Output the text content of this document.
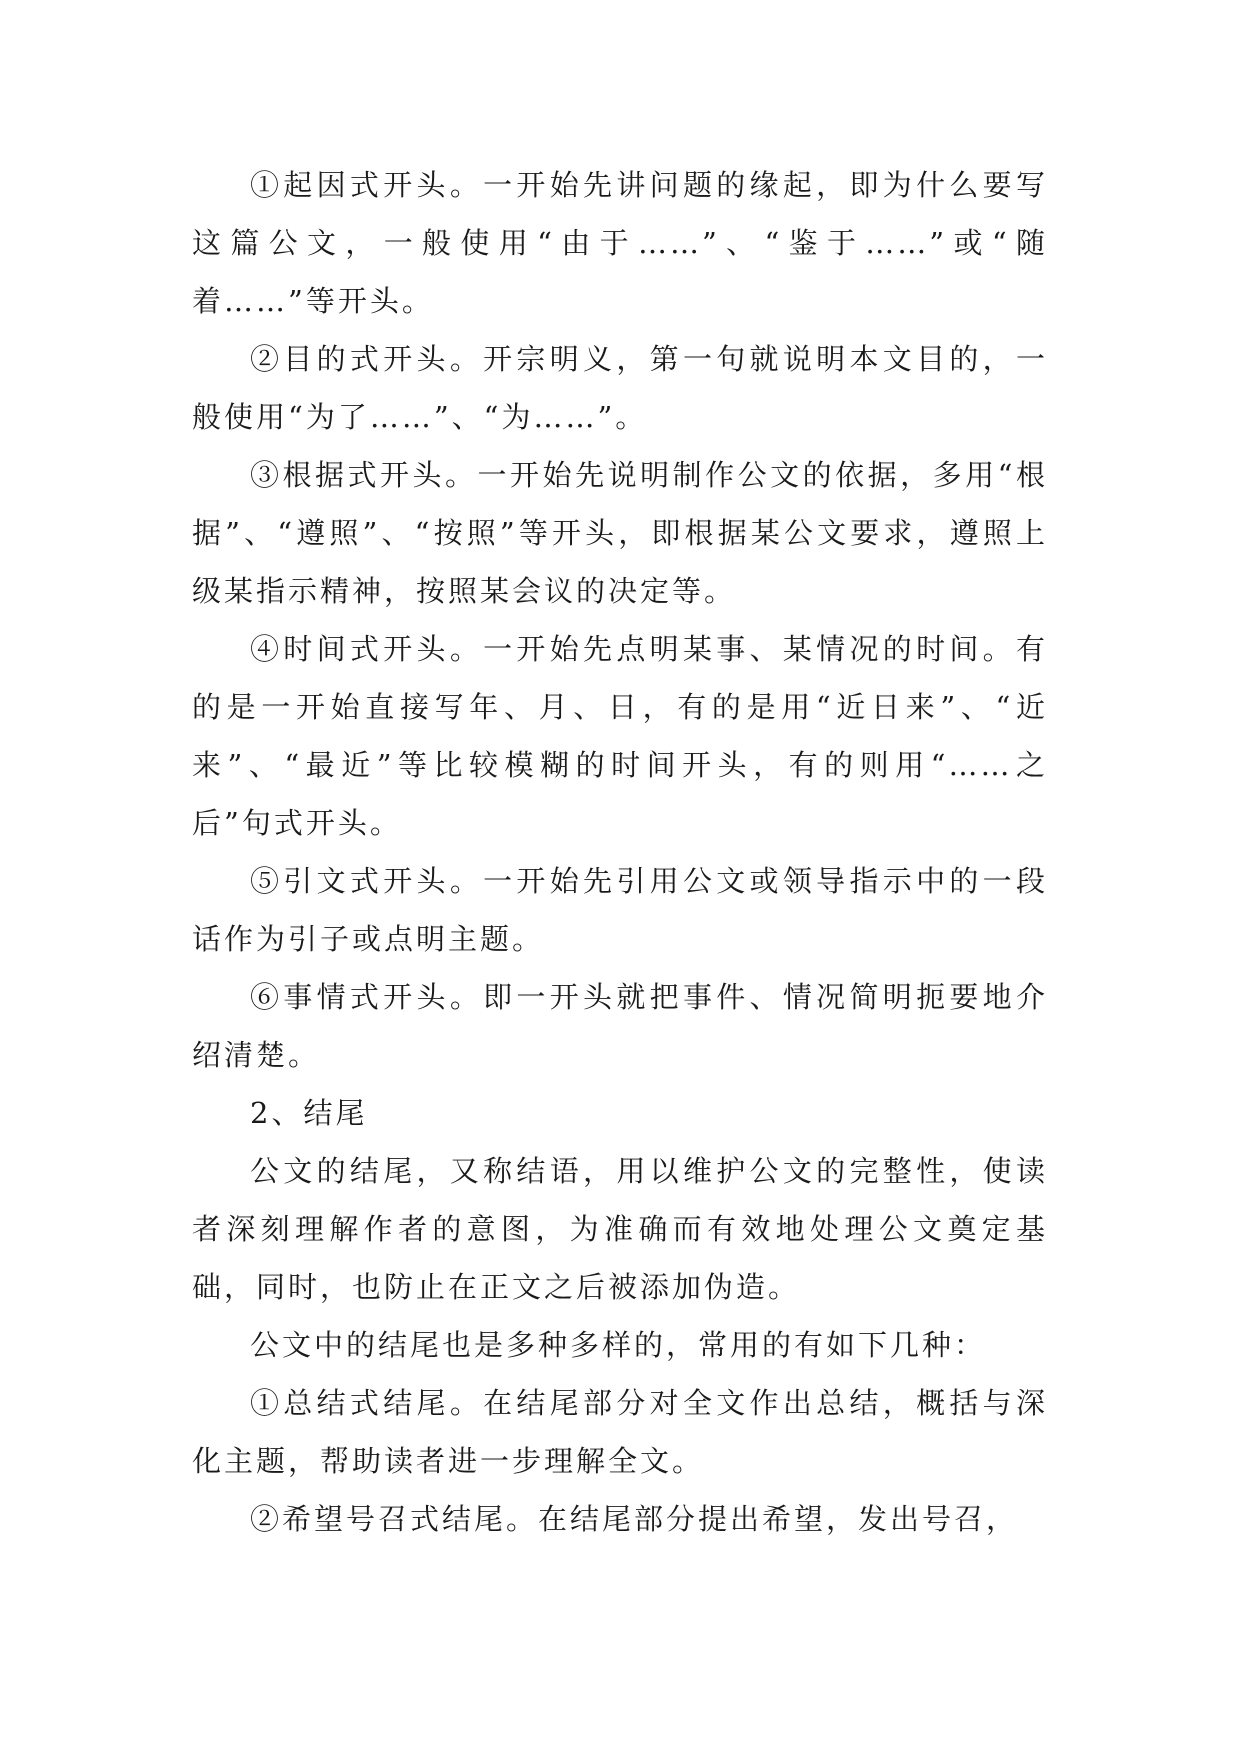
①起因式开头。一开始先讲问题的缘起，即为什么要写这篇公文，一般使用“由于……”、“鉴于……”或“随着……”等开头。

②目的式开头。开宗明义，第一句就说明本文目的，一般使用“为了……”、“为……”。

③根据式开头。一开始先说明制作公文的依据，多用“根据”、“遵照”、“按照”等开头，即根据某公文要求，遵照上级某指示精神，按照某会议的决定等。

④时间式开头。一开始先点明某事、某情况的时间。有的是一开始直接写年、月、日，有的是用“近日来”、“近来”、“最近”等比较模糊的时间开头，有的则用“……之后”句式开头。

⑤引文式开头。一开始先引用公文或领导指示中的一段话作为引子或点明主题。

⑥事情式开头。即一开头就把事件、情况简明扼要地介绍清楚。

2、结尾

公文的结尾，又称结语，用以维护公文的完整性，使读者深刻理解作者的意图，为准确而有效地处理公文奠定基础，同时，也防止在正文之后被添加伪造。

公文中的结尾也是多种多样的，常用的有如下几种：

①总结式结尾。在结尾部分对全文作出总结，概括与深化主题，帮助读者进一步理解全文。

②希望号召式结尾。在结尾部分提出希望，发出号召，
